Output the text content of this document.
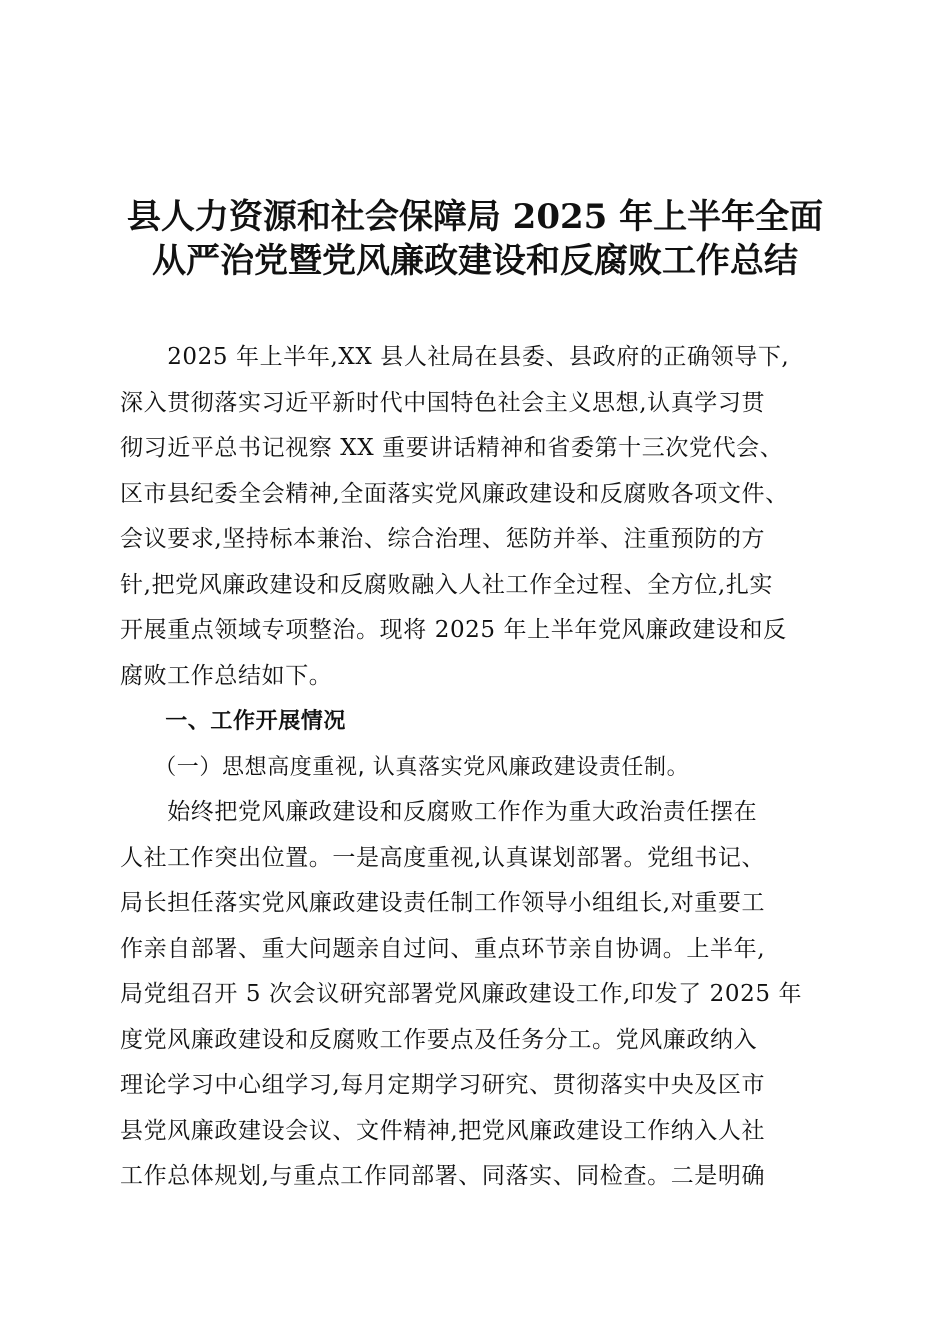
县人力资源和社会保障局 2025 年上半年全面
从严治党暨党风廉政建设和反腐败工作总结
　　2025 年上半年,XX 县人社局在县委、县政府的正确领导下,
深入贯彻落实习近平新时代中国特色社会主义思想,认真学习贯
彻习近平总书记视察 XX 重要讲话精神和省委第十三次党代会、
区市县纪委全会精神,全面落实党风廉政建设和反腐败各项文件、
会议要求,坚持标本兼治、综合治理、惩防并举、注重预防的方
针,把党风廉政建设和反腐败融入人社工作全过程、全方位,扎实
开展重点领域专项整治。现将 2025 年上半年党风廉政建设和反
腐败工作总结如下。
　　一、工作开展情况
　　（一）思想高度重视, 认真落实党风廉政建设责任制。
　　始终把党风廉政建设和反腐败工作作为重大政治责任摆在
人社工作突出位置。一是高度重视,认真谋划部署。党组书记、
局长担任落实党风廉政建设责任制工作领导小组组长,对重要工
作亲自部署、重大问题亲自过问、重点环节亲自协调。上半年,
局党组召开 5 次会议研究部署党风廉政建设工作,印发了 2025 年
度党风廉政建设和反腐败工作要点及任务分工。党风廉政纳入
理论学习中心组学习,每月定期学习研究、贯彻落实中央及区市
县党风廉政建设会议、文件精神,把党风廉政建设工作纳入人社
工作总体规划,与重点工作同部署、同落实、同检查。二是明确
